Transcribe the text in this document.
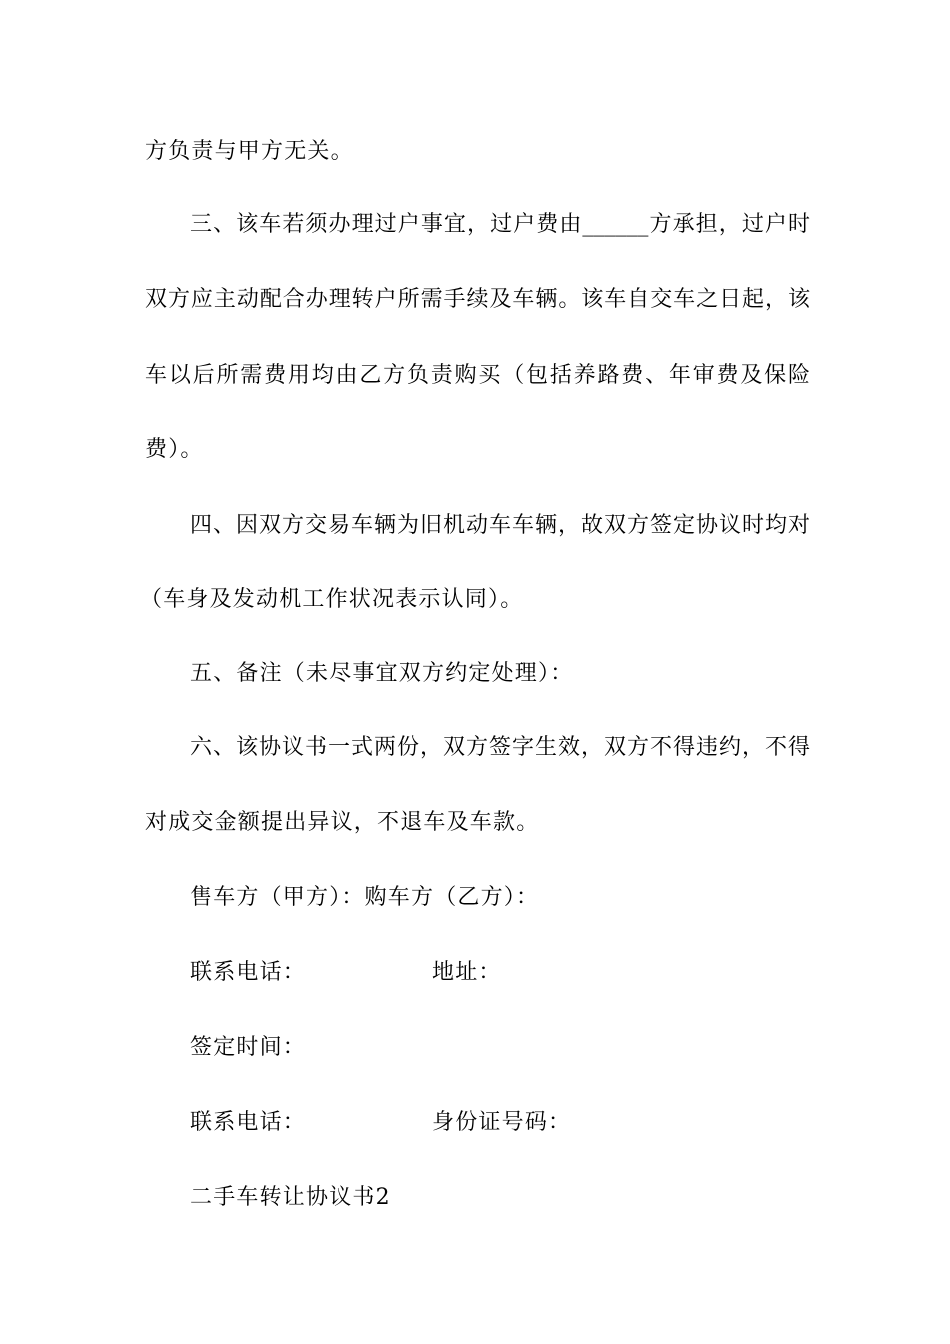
方负责与甲方无关。
三、该车若须办理过户事宜，过户费由______方承担，过户时
双方应主动配合办理转户所需手续及车辆。该车自交车之日起，该
车以后所需费用均由乙方负责购买（包括养路费、年审费及保险
费）。
四、因双方交易车辆为旧机动车车辆，故双方签定协议时均对
（车身及发动机工作状况表示认同）。
五、备注（未尽事宜双方约定处理）：
六、该协议书一式两份，双方签字生效，双方不得违约，不得
对成交金额提出异议，不退车及车款。
售车方（甲方）：购车方（乙方）：
联系电话：	地址：
签定时间：
联系电话：	身份证号码：
二手车转让协议书2
